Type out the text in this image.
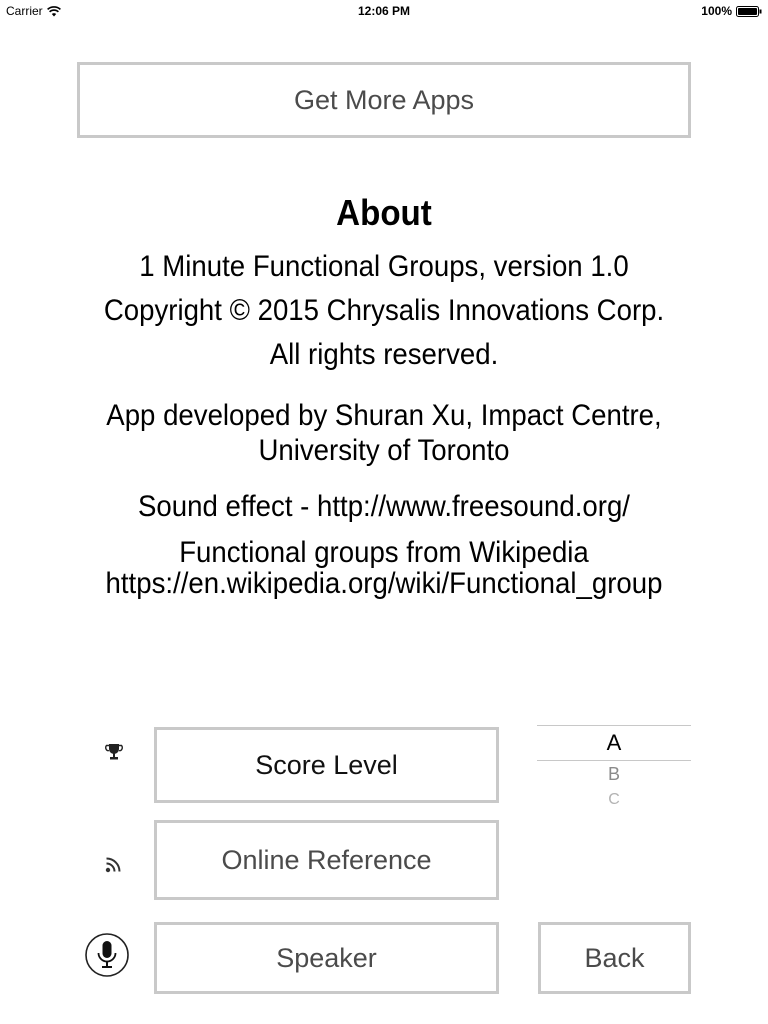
Carrier	12:06 PM	100%
Get More Apps
About
1 Minute Functional Groups, version 1.0
Copyright © 2015 Chrysalis Innovations Corp.
All rights reserved.
App developed by Shuran Xu, Impact Centre,
University of Toronto
Sound effect - http://www.freesound.org/
Functional groups from Wikipedia
https://en.wikipedia.org/wiki/Functional_group
Score Level
Online Reference
Speaker	Back
A
B
C
